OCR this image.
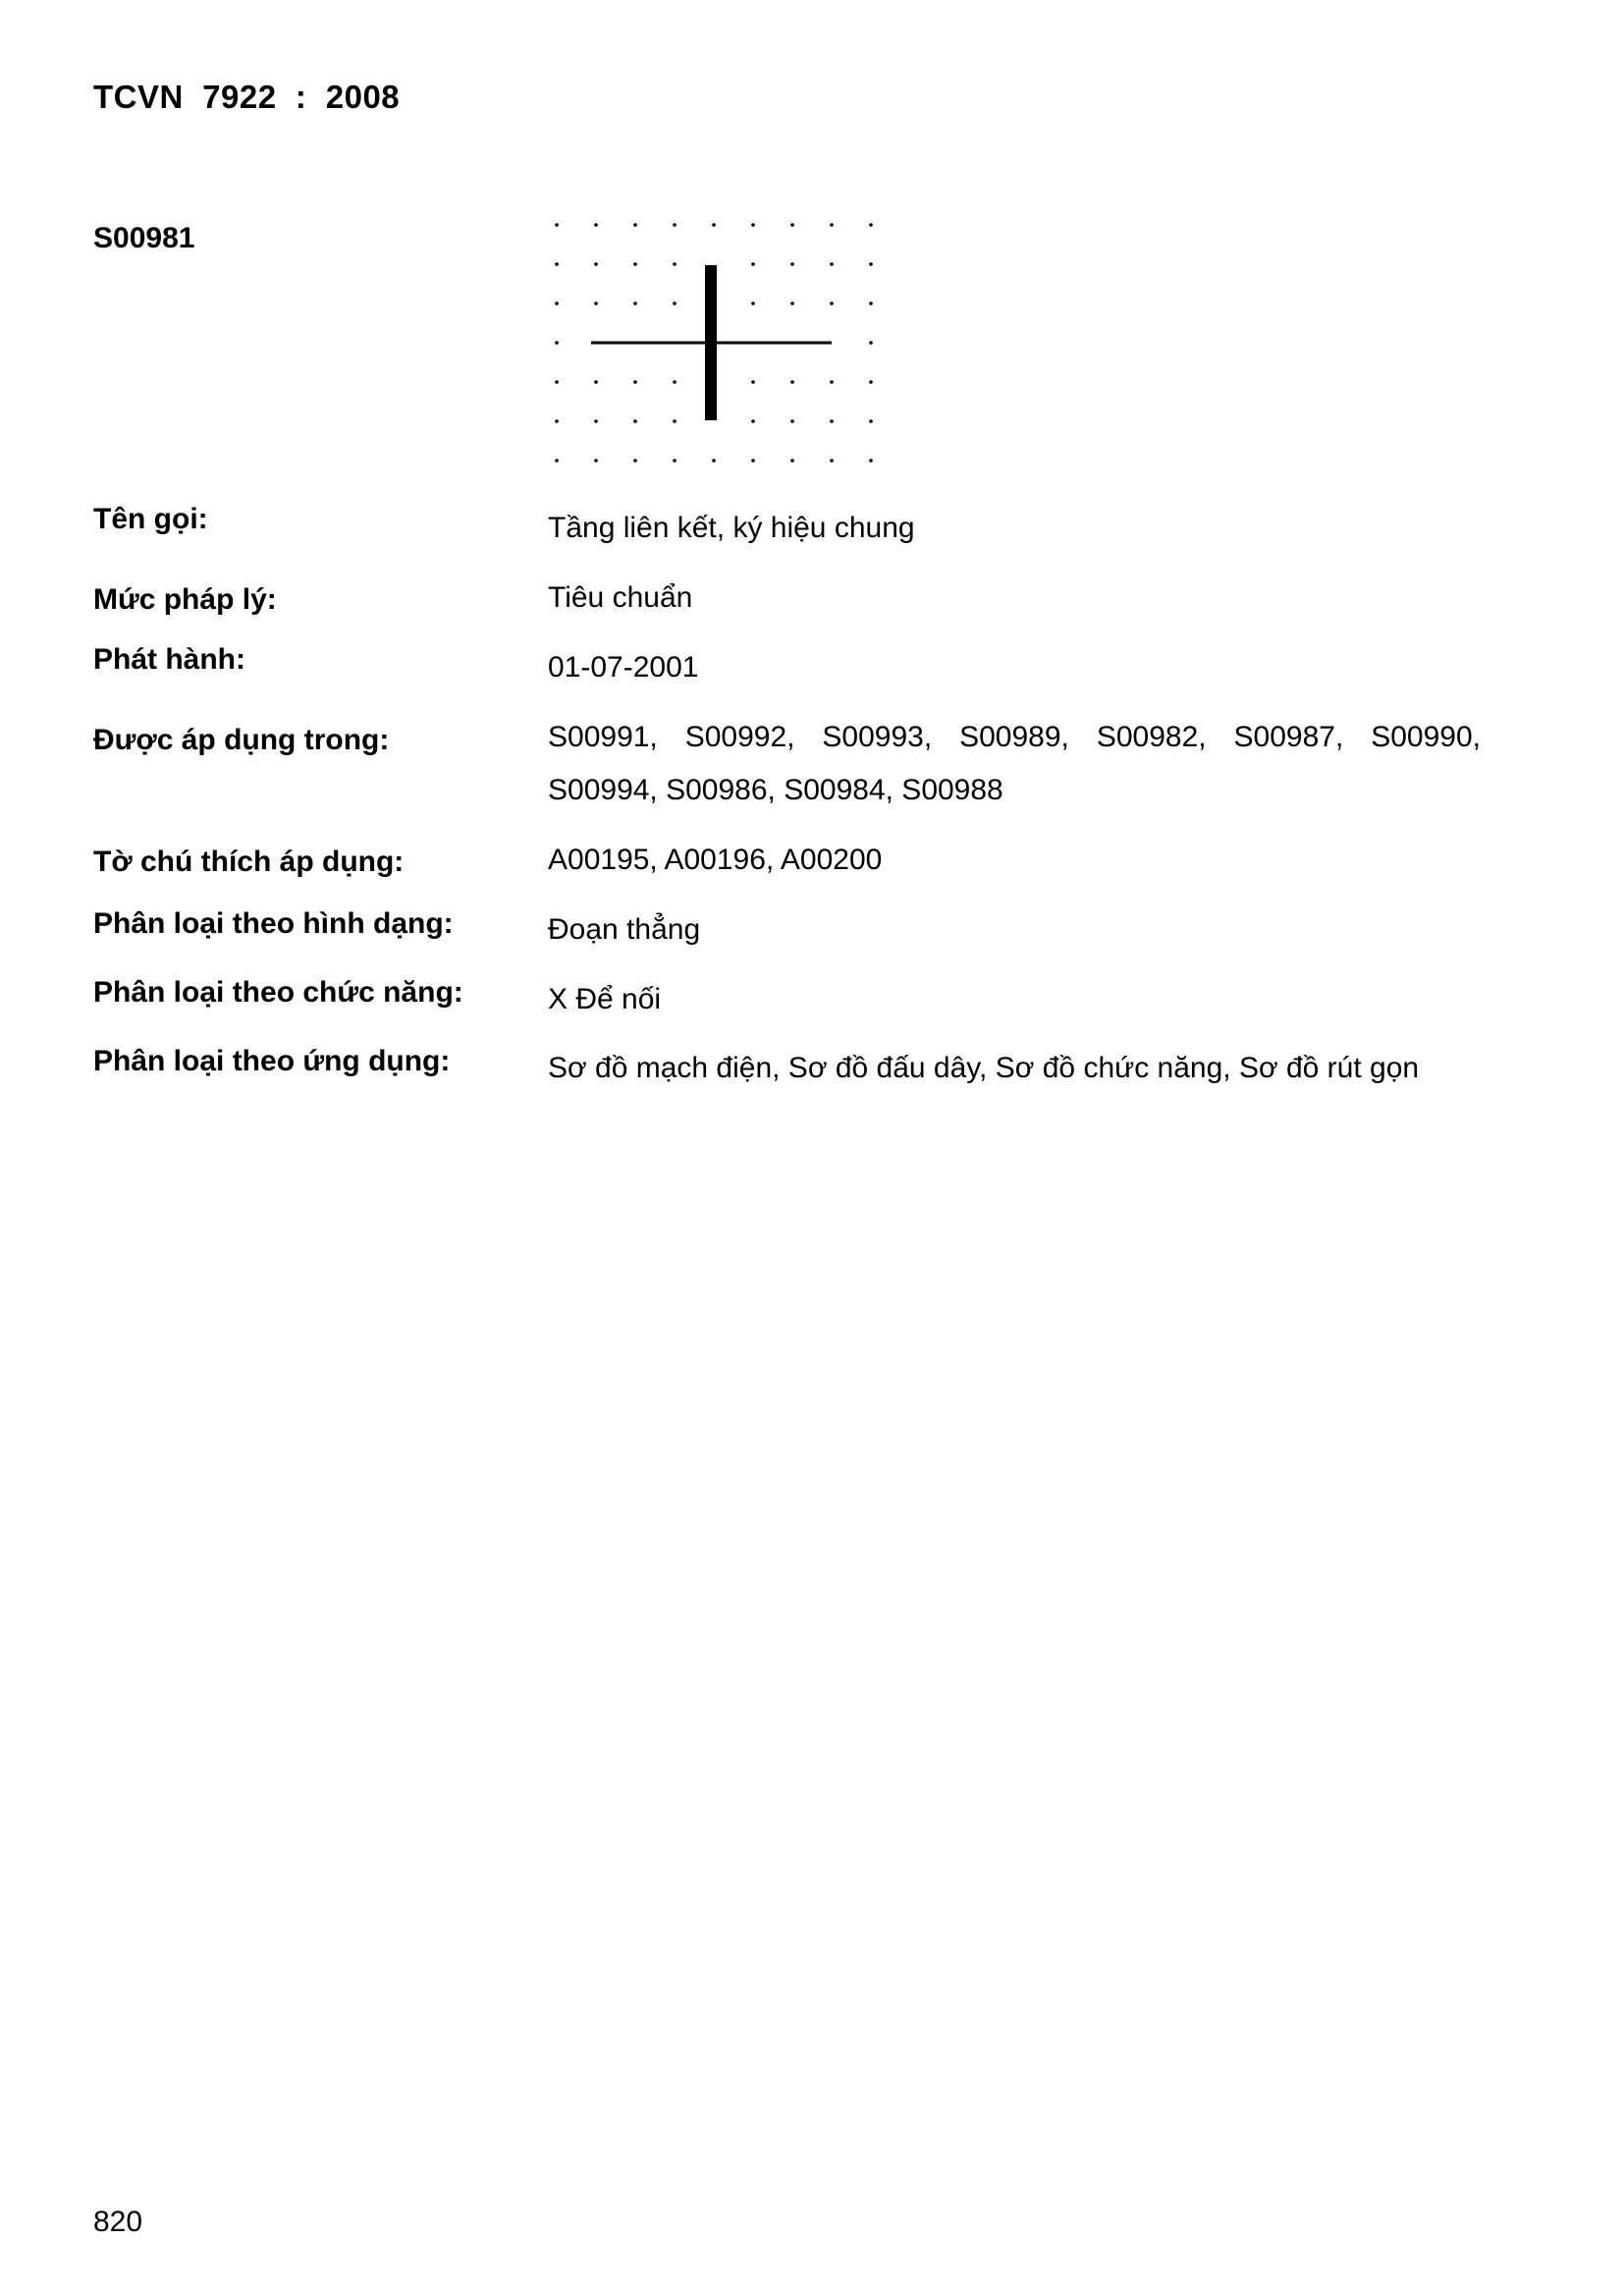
TCVN  7922  :  2008
S00981
Tên gọi:	Tầng liên kết, ký hiệu chung
Mức pháp lý:	Tiêu chuẩn
Phát hành:	01-07-2001
Được áp dụng trong:	S00991, S00992, S00993, S00989, S00982, S00987, S00990, S00994, S00986, S00984, S00988
Tờ chú thích áp dụng:	A00195, A00196, A00200
Phân loại theo hình dạng:	Đoạn thẳng
Phân loại theo chức năng:	X Để nối
Phân loại theo ứng dụng:	Sơ đồ mạch điện, Sơ đồ đấu dây, Sơ đồ chức năng, Sơ đồ rút gọn
820
